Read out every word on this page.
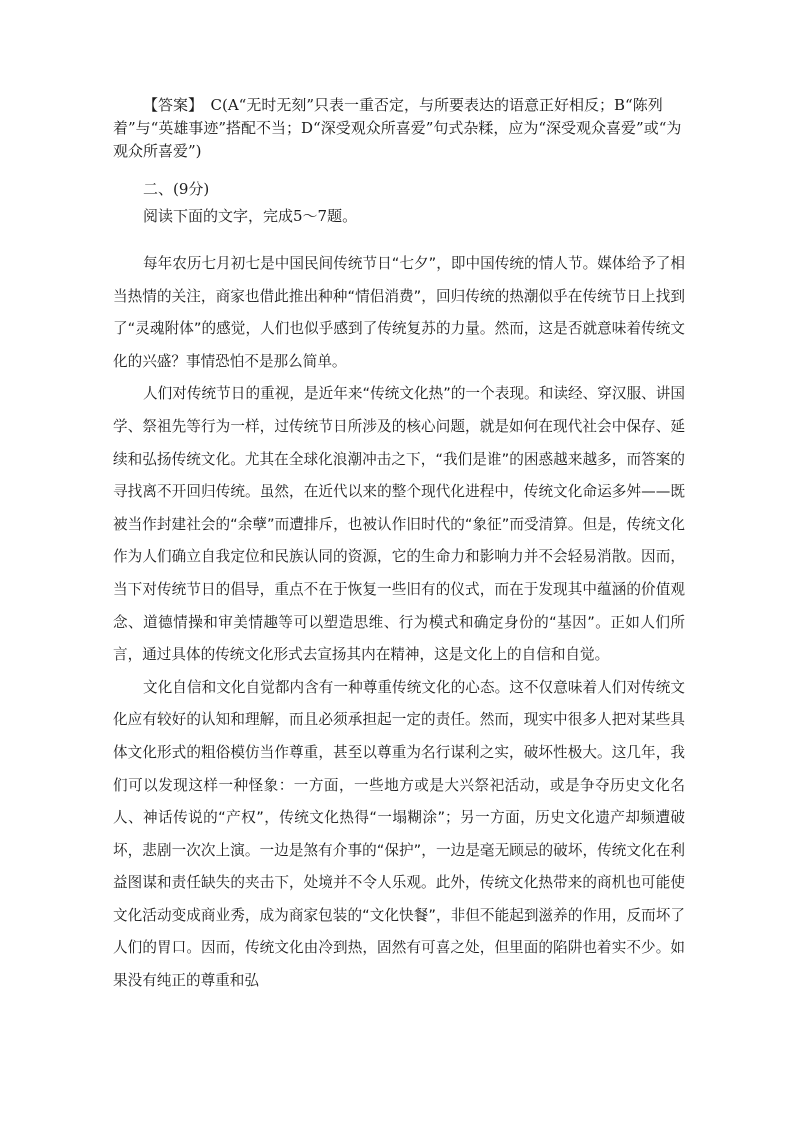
【答案】　C(A“无时无刻”只表一重否定，与所要表达的语意正好相反；B“陈列着”与“英雄事迹”搭配不当；D“深受观众所喜爱”句式杂糅，应为“深受观众喜爱”或“为观众所喜爱”)

二、(9分)
阅读下面的文字，完成5～7题。

每年农历七月初七是中国民间传统节日“七夕”，即中国传统的情人节。媒体给予了相当热情的关注，商家也借此推出种种“情侣消费”，回归传统的热潮似乎在传统节日上找到了“灵魂附体”的感觉，人们也似乎感到了传统复苏的力量。然而，这是否就意味着传统文化的兴盛？事情恐怕不是那么简单。

人们对传统节日的重视，是近年来“传统文化热”的一个表现。和读经、穿汉服、讲国学、祭祖先等行为一样，过传统节日所涉及的核心问题，就是如何在现代社会中保存、延续和弘扬传统文化。尤其在全球化浪潮冲击之下，“我们是谁”的困惑越来越多，而答案的寻找离不开回归传统。虽然，在近代以来的整个现代化进程中，传统文化命运多舛——既被当作封建社会的“余孽”而遭排斥，也被认作旧时代的“象征”而受清算。但是，传统文化作为人们确立自我定位和民族认同的资源，它的生命力和影响力并不会轻易消散。因而，当下对传统节日的倡导，重点不在于恢复一些旧有的仪式，而在于发现其中蕴涵的价值观念、道德情操和审美情趣等可以塑造思维、行为模式和确定身份的“基因”。正如人们所言，通过具体的传统文化形式去宣扬其内在精神，这是文化上的自信和自觉。

文化自信和文化自觉都内含有一种尊重传统文化的心态。这不仅意味着人们对传统文化应有较好的认知和理解，而且必须承担起一定的责任。然而，现实中很多人把对某些具体文化形式的粗俗模仿当作尊重，甚至以尊重为名行谋利之实，破坏性极大。这几年，我们可以发现这样一种怪象：一方面，一些地方或是大兴祭祀活动，或是争夺历史文化名人、神话传说的“产权”，传统文化热得“一塌糊涂”；另一方面，历史文化遗产却频遭破坏，悲剧一次次上演。一边是煞有介事的“保护”，一边是毫无顾忌的破坏，传统文化在利益图谋和责任缺失的夹击下，处境并不令人乐观。此外，传统文化热带来的商机也可能使文化活动变成商业秀，成为商家包装的“文化快餐”，非但不能起到滋养的作用，反而坏了人们的胃口。因而，传统文化由冷到热，固然有可喜之处，但里面的陷阱也着实不少。如果没有纯正的尊重和弘
